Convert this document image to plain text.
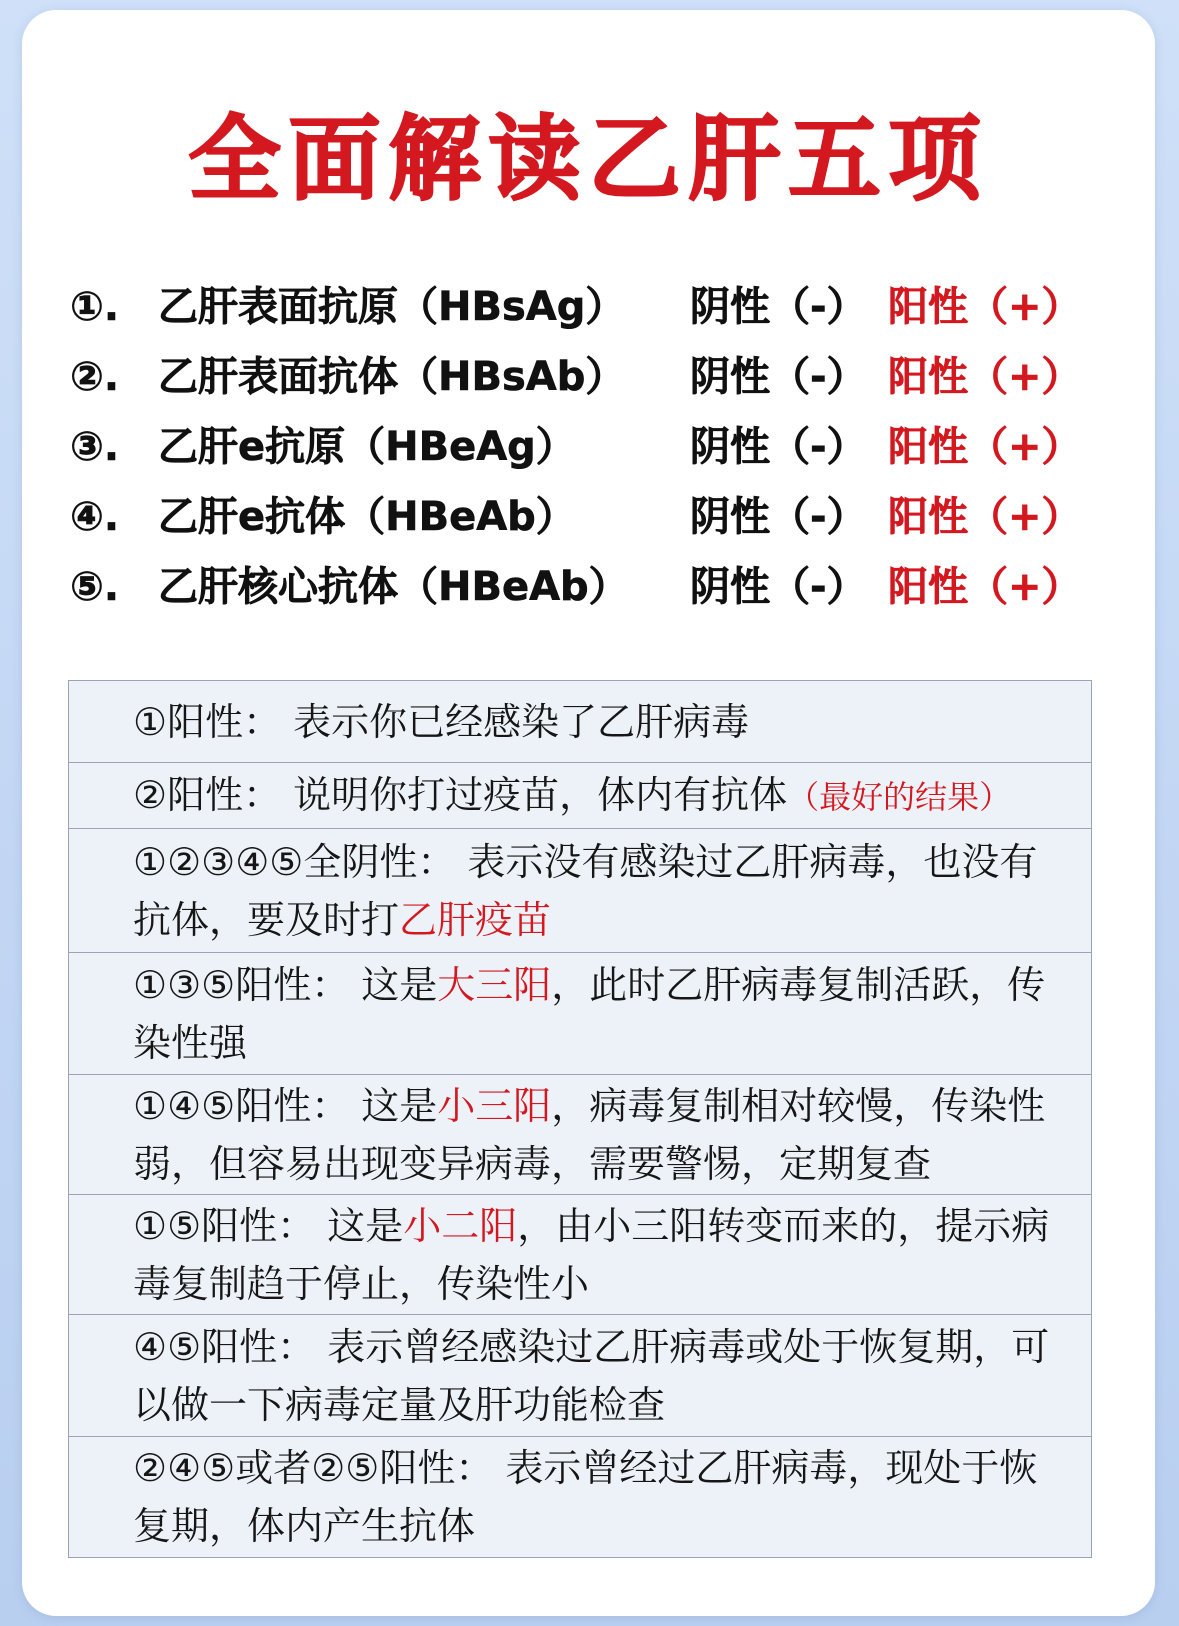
全面解读乙肝五项
①. 乙肝表面抗原（HBsAg） 阴性（-） 阳性（+）
②. 乙肝表面抗体（HBsAb） 阴性（-） 阳性（+）
③. 乙肝e抗原（HBeAg）	阴性（-） 阳性（+）
④. 乙肝e抗体（HBeAb）	阴性（-） 阳性（+）
⑤. 乙肝核心抗体（HBeAb） 阴性（-） 阳性（+）
①阳性： 表示你已经感染了乙肝病毒
②阳性： 说明你打过疫苗，体内有抗体（最好的结果）
①②③④⑤全阴性： 表示没有感染过乙肝病毒，也没有抗体，要及时打乙肝疫苗
①③⑤阳性： 这是大三阳，此时乙肝病毒复制活跃，传染性强
①④⑤阳性： 这是小三阳，病毒复制相对较慢，传染性弱，但容易出现变异病毒，需要警惕，定期复查
①⑤阳性： 这是小二阳，由小三阳转变而来的，提示病毒复制趋于停止，传染性小
④⑤阳性： 表示曾经感染过乙肝病毒或处于恢复期，可以做一下病毒定量及肝功能检查
②④⑤或者②⑤阳性： 表示曾经过乙肝病毒，现处于恢复期，体内产生抗体
